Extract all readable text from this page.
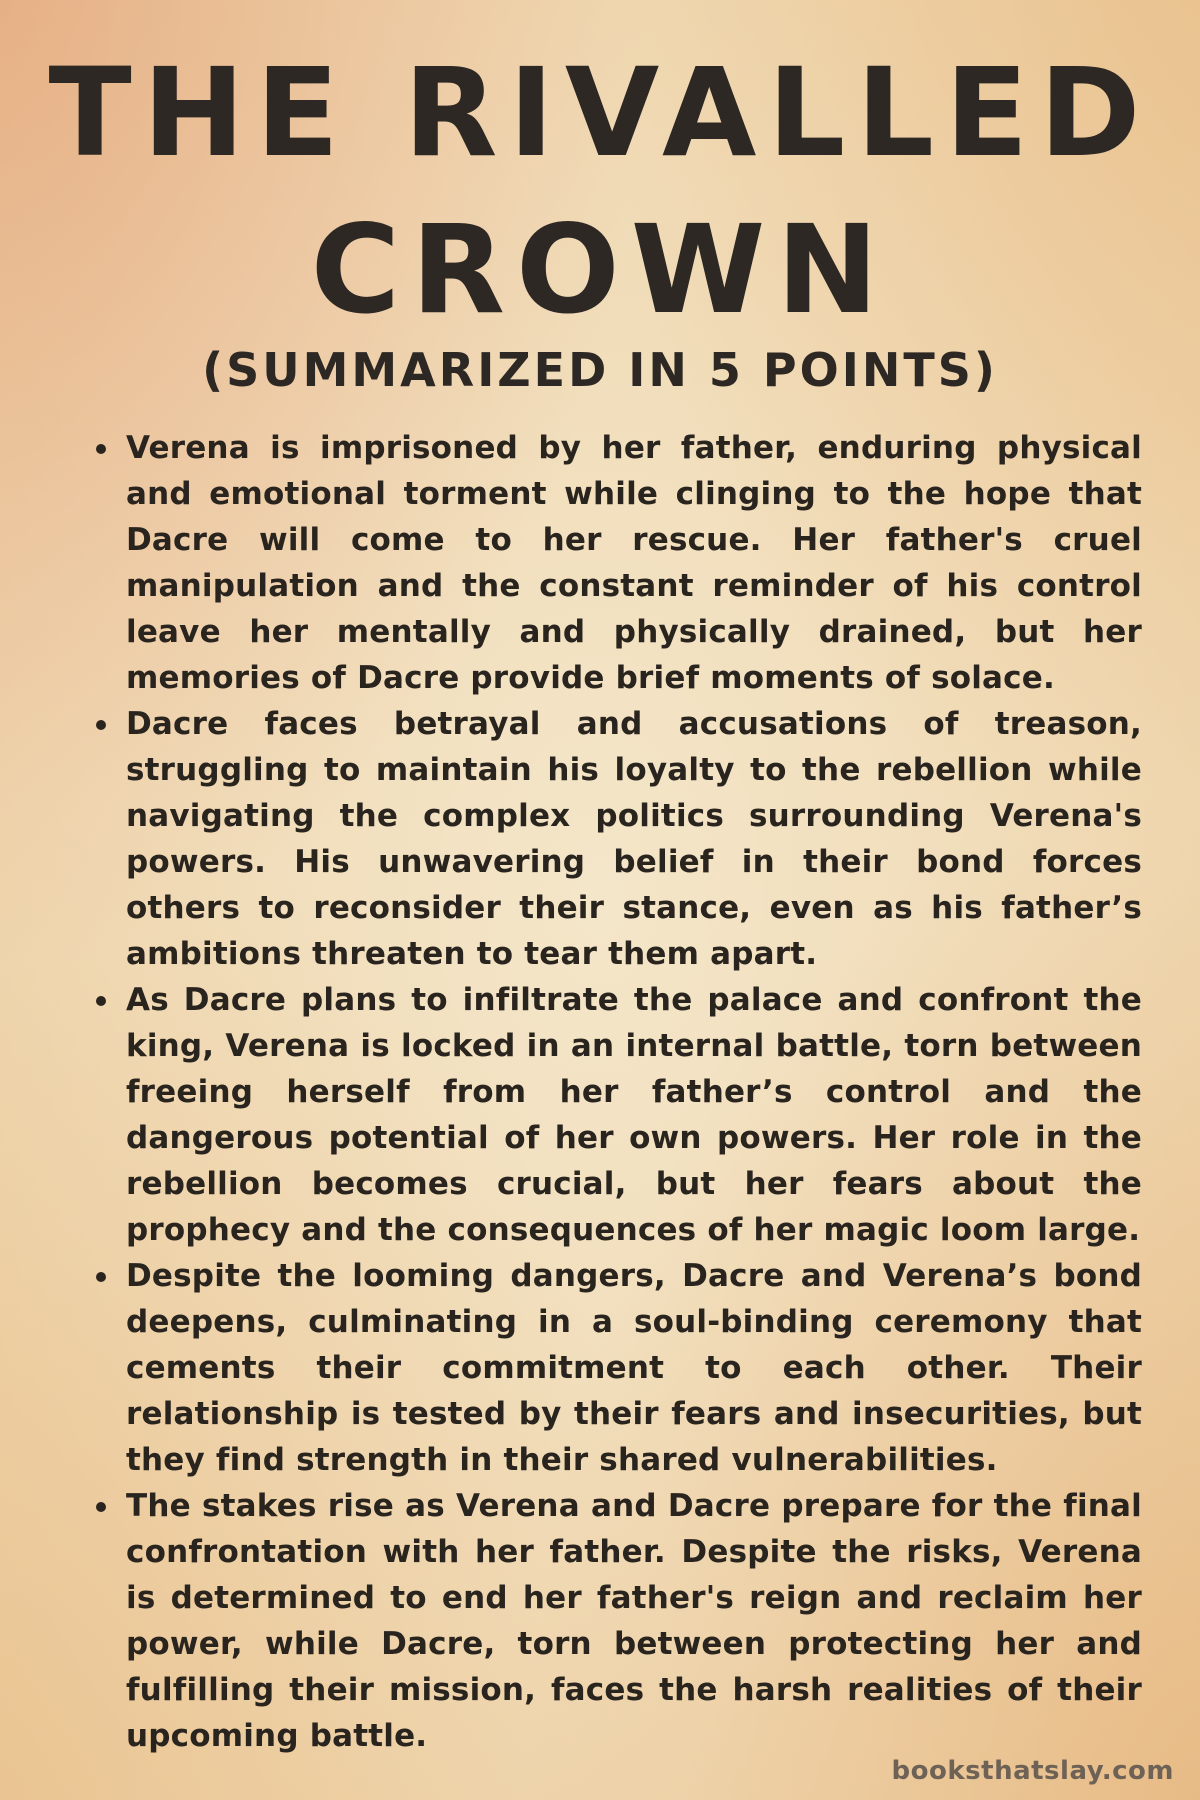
THE RIVALLED
CROWN
(SUMMARIZED IN 5 POINTS)
Verena is imprisoned by her father, enduring physical and emotional torment while clinging to the hope that Dacre will come to her rescue. Her father's cruel manipulation and the constant reminder of his control leave her mentally and physically drained, but her memories of Dacre provide brief moments of solace.
Dacre faces betrayal and accusations of treason, struggling to maintain his loyalty to the rebellion while navigating the complex politics surrounding Verena's powers. His unwavering belief in their bond forces others to reconsider their stance, even as his father’s ambitions threaten to tear them apart.
As Dacre plans to infiltrate the palace and confront the king, Verena is locked in an internal battle, torn between freeing herself from her father’s control and the dangerous potential of her own powers. Her role in the rebellion becomes crucial, but her fears about the prophecy and the consequences of her magic loom large.
Despite the looming dangers, Dacre and Verena’s bond deepens, culminating in a soul-binding ceremony that cements their commitment to each other. Their relationship is tested by their fears and insecurities, but they find strength in their shared vulnerabilities.
The stakes rise as Verena and Dacre prepare for the final confrontation with her father. Despite the risks, Verena is determined to end her father's reign and reclaim her power, while Dacre, torn between protecting her and fulfilling their mission, faces the harsh realities of their upcoming battle.
booksthatslay.com
